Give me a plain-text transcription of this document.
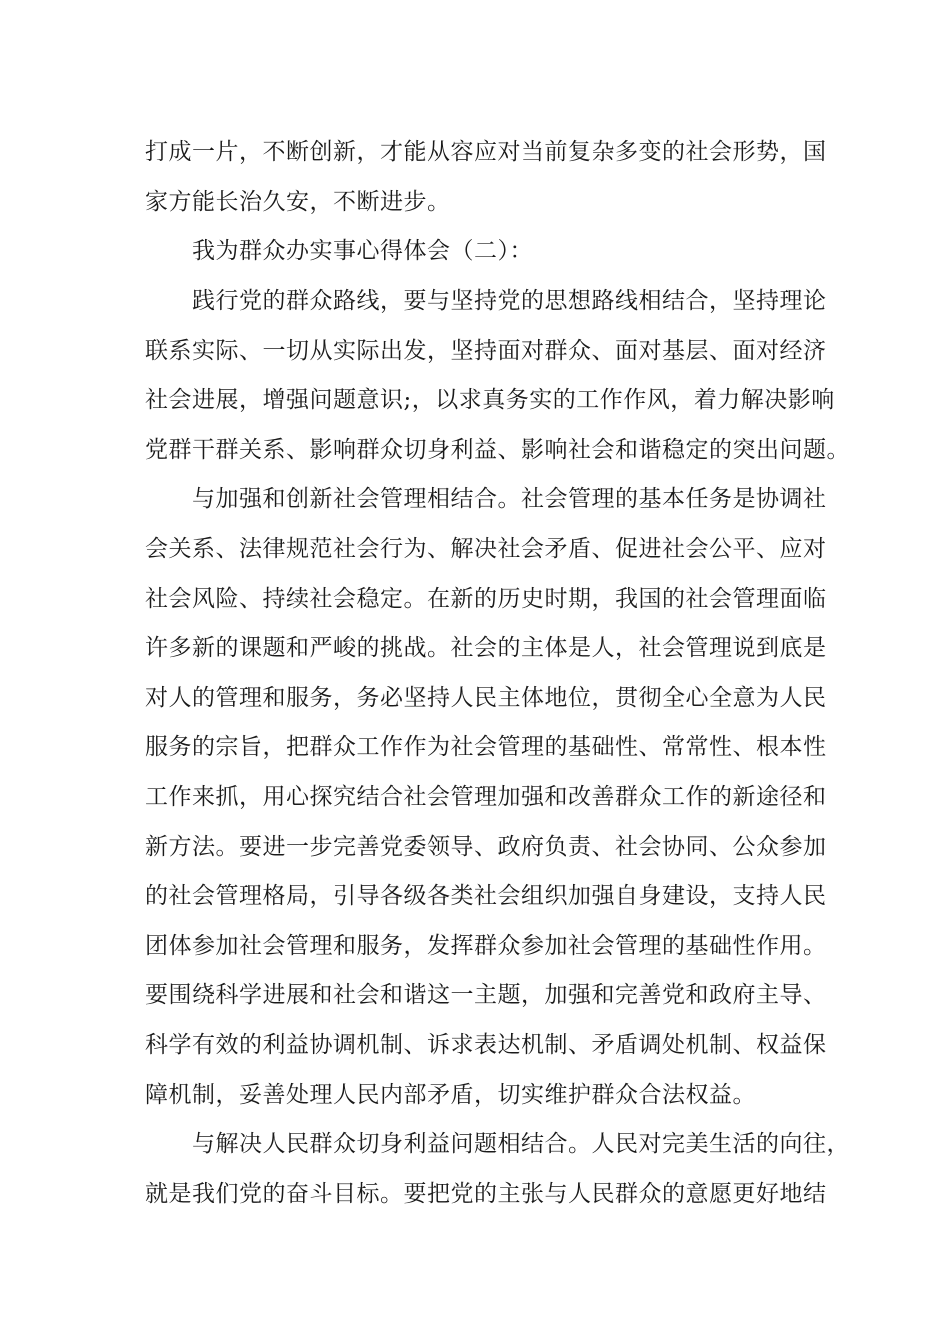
打成一片，不断创新，才能从容应对当前复杂多变的社会形势，国
家方能长治久安，不断进步。
我为群众办实事心得体会（二）：
践行党的群众路线，要与坚持党的思想路线相结合，坚持理论
联系实际、一切从实际出发，坚持面对群众、面对基层、面对经济
社会进展，增强问题意识;，以求真务实的工作作风，着力解决影响
党群干群关系、影响群众切身利益、影响社会和谐稳定的突出问题。
与加强和创新社会管理相结合。社会管理的基本任务是协调社
会关系、法律规范社会行为、解决社会矛盾、促进社会公平、应对
社会风险、持续社会稳定。在新的历史时期，我国的社会管理面临
许多新的课题和严峻的挑战。社会的主体是人，社会管理说到底是
对人的管理和服务，务必坚持人民主体地位，贯彻全心全意为人民
服务的宗旨，把群众工作作为社会管理的基础性、常常性、根本性
工作来抓，用心探究结合社会管理加强和改善群众工作的新途径和
新方法。要进一步完善党委领导、政府负责、社会协同、公众参加
的社会管理格局，引导各级各类社会组织加强自身建设，支持人民
团体参加社会管理和服务，发挥群众参加社会管理的基础性作用。
要围绕科学进展和社会和谐这一主题，加强和完善党和政府主导、
科学有效的利益协调机制、诉求表达机制、矛盾调处机制、权益保
障机制，妥善处理人民内部矛盾，切实维护群众合法权益。
与解决人民群众切身利益问题相结合。人民对完美生活的向往，
就是我们党的奋斗目标。要把党的主张与人民群众的意愿更好地结
